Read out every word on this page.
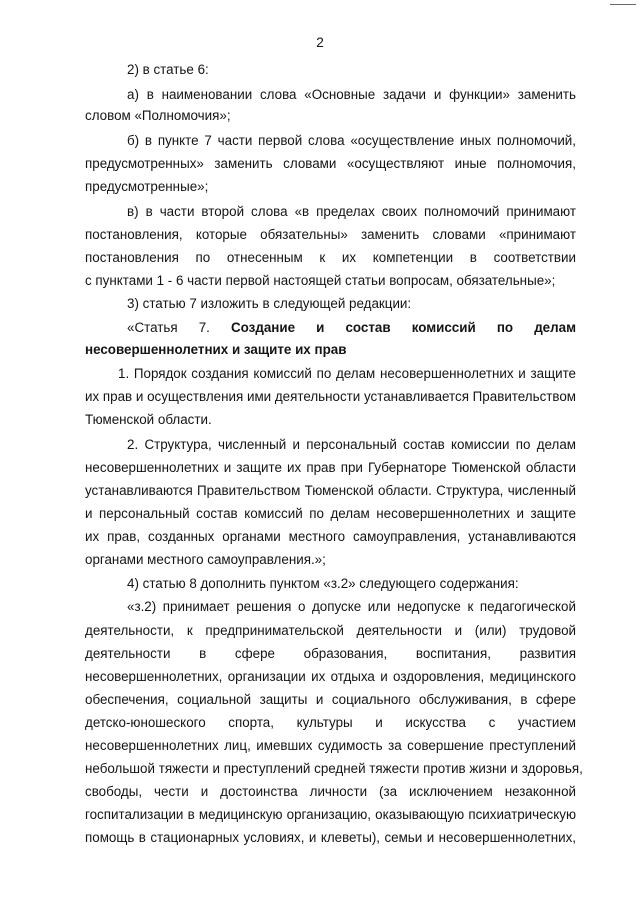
2
2) в статье 6:
а) в наименовании слова «Основные задачи и функции» заменить
словом «Полномочия»;
б) в пункте 7 части первой слова «осуществление иных полномочий,
предусмотренных» заменить словами «осуществляют иные полномочия,
предусмотренные»;
в) в части второй слова «в пределах своих полномочий принимают
постановления, которые обязательны» заменить словами «принимают
постановления по отнесенным к их компетенции в соответствии
с пунктами 1 - 6 части первой настоящей статьи вопросам, обязательные»;
3) статью 7 изложить в следующей редакции:
«Статья 7. Создание и состав комиссий по делам
несовершеннолетних и защите их прав
1. Порядок создания комиссий по делам несовершеннолетних и защите
их прав и осуществления ими деятельности устанавливается Правительством
Тюменской области.
2. Структура, численный и персональный состав комиссии по делам
несовершеннолетних и защите их прав при Губернаторе Тюменской области
устанавливаются Правительством Тюменской области. Структура, численный
и персональный состав комиссий по делам несовершеннолетних и защите
их прав, созданных органами местного самоуправления, устанавливаются
органами местного самоуправления.»;
4) статью 8 дополнить пунктом «з.2» следующего содержания:
«з.2) принимает решения о допуске или недопуске к педагогической
деятельности, к предпринимательской деятельности и (или) трудовой
деятельности в сфере образования, воспитания, развития
несовершеннолетних, организации их отдыха и оздоровления, медицинского
обеспечения, социальной защиты и социального обслуживания, в сфере
детско-юношеского спорта, культуры и искусства с участием
несовершеннолетних лиц, имевших судимость за совершение преступлений
небольшой тяжести и преступлений средней тяжести против жизни и здоровья,
свободы, чести и достоинства личности (за исключением незаконной
госпитализации в медицинскую организацию, оказывающую психиатрическую
помощь в стационарных условиях, и клеветы), семьи и несовершеннолетних,
